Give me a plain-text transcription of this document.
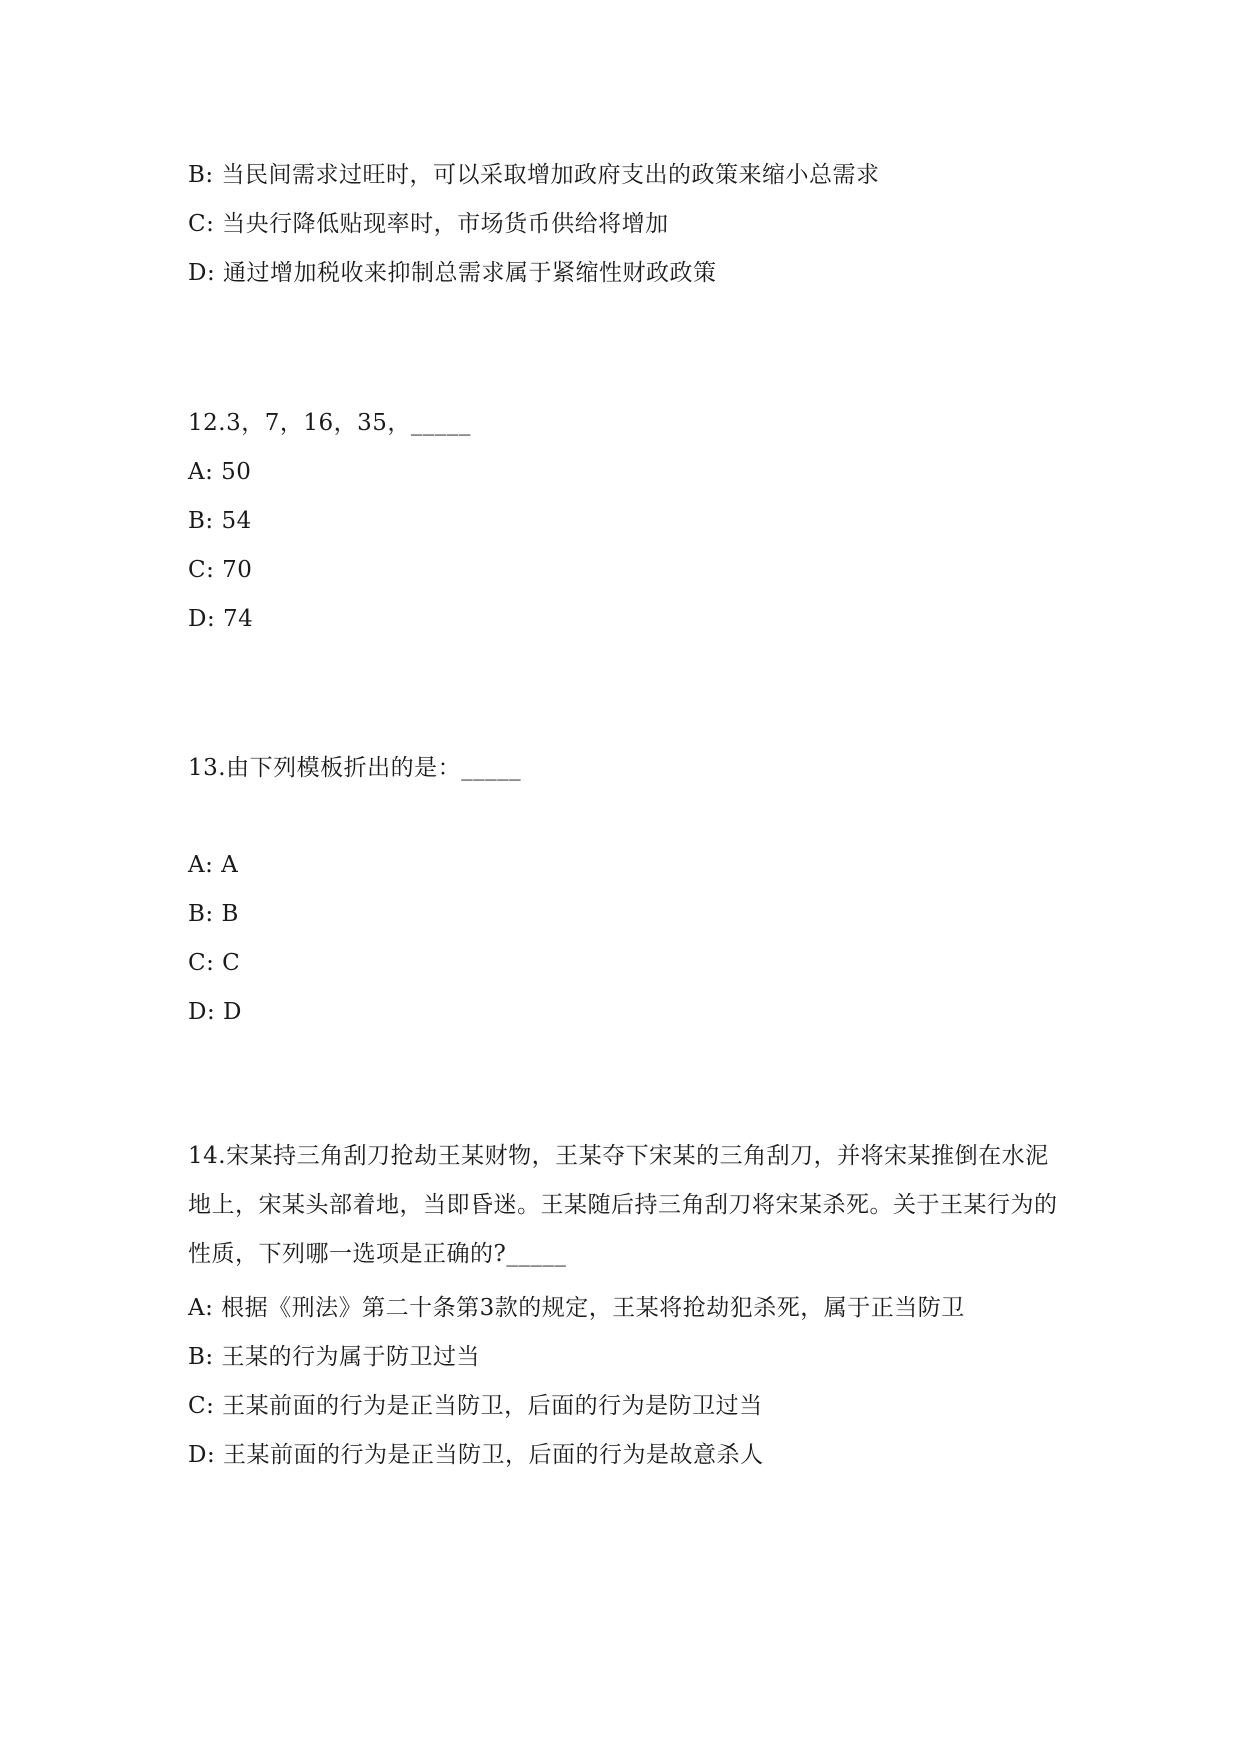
B: 当民间需求过旺时，可以采取增加政府支出的政策来缩小总需求
C: 当央行降低贴现率时，市场货币供给将增加
D: 通过增加税收来抑制总需求属于紧缩性财政政策
12.3，7，16，35，_____
A: 50
B: 54
C: 70
D: 74
13.由下列模板折出的是：_____
A: A
B: B
C: C
D: D
14.宋某持三角刮刀抢劫王某财物，王某夺下宋某的三角刮刀，并将宋某推倒在水泥地上，宋某头部着地，当即昏迷。王某随后持三角刮刀将宋某杀死。关于王某行为的性质，下列哪一选项是正确的?_____
A: 根据《刑法》第二十条第3款的规定，王某将抢劫犯杀死，属于正当防卫
B: 王某的行为属于防卫过当
C: 王某前面的行为是正当防卫，后面的行为是防卫过当
D: 王某前面的行为是正当防卫，后面的行为是故意杀人
